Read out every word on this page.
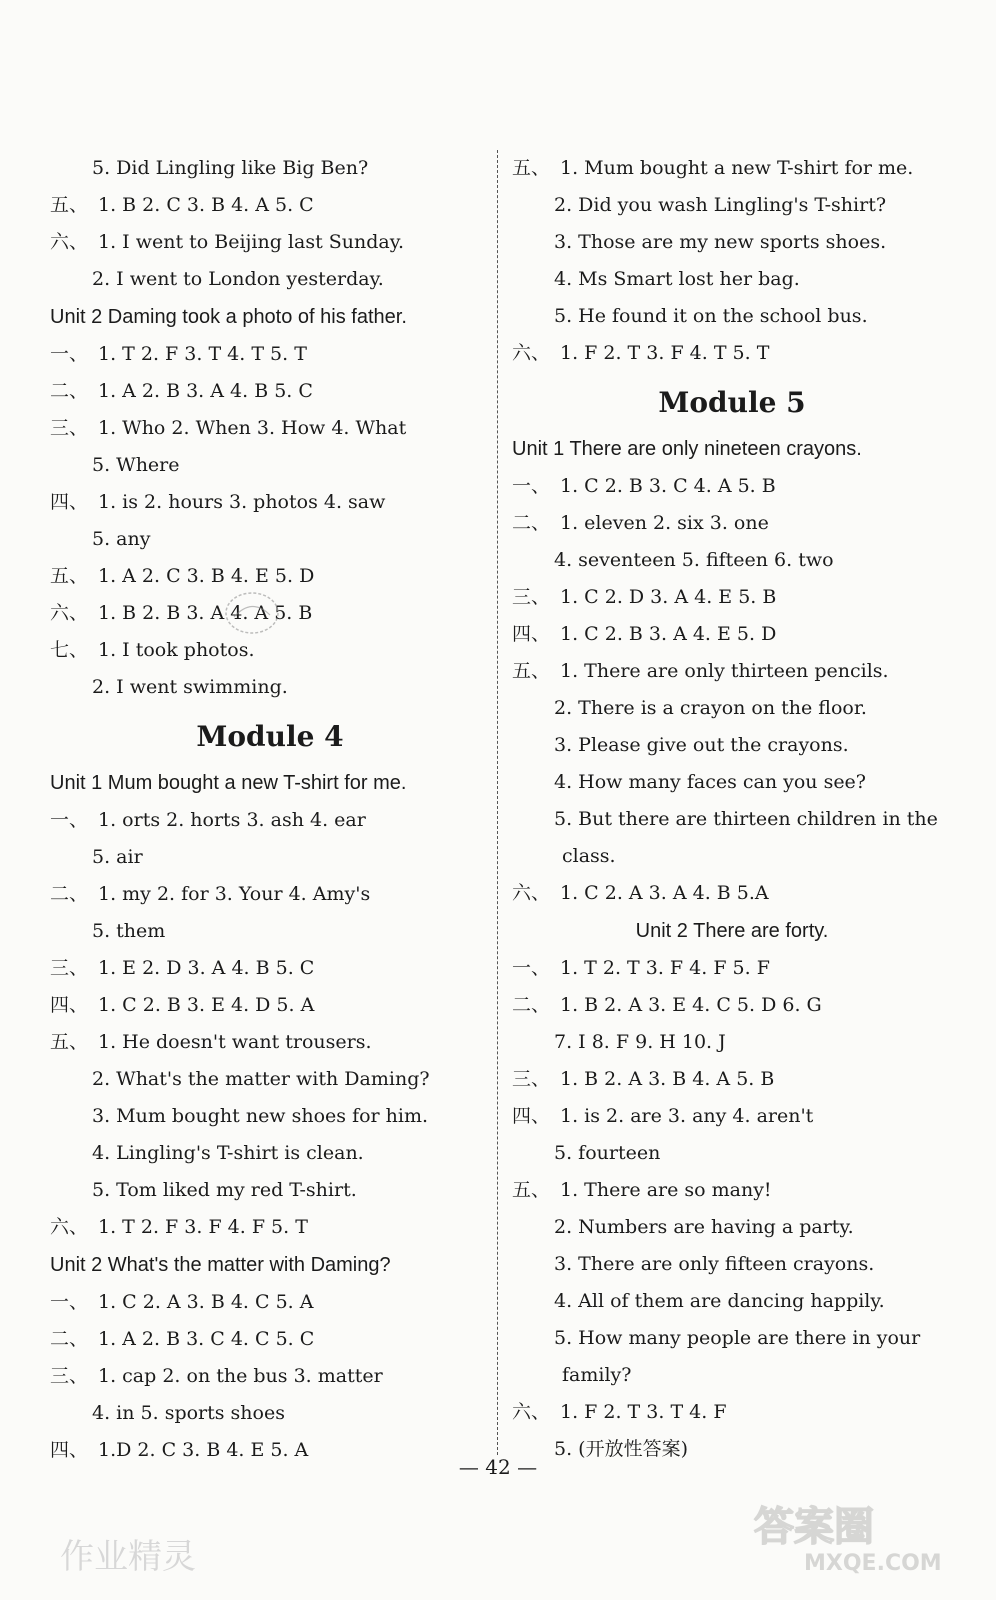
5. Did Lingling like Big Ben?
五、 1. B 2. C 3. B 4. A 5. C
六、 1. I went to Beijing last Sunday.
2. I went to London yesterday.
Unit 2 Daming took a photo of his father.
一、 1. T 2. F 3. T 4. T 5. T
二、 1. A 2. B 3. A 4. B 5. C
三、 1. Who 2. When 3. How 4. What
5. Where
四、 1. is 2. hours 3. photos 4. saw
5. any
五、 1. A 2. C 3. B 4. E 5. D
六、 1. B 2. B 3. A 4. A 5. B
七、 1. I took photos.
2. I went swimming.
Module 4
Unit 1 Mum bought a new T-shirt for me.
一、 1. orts 2. horts 3. ash 4. ear
5. air
二、 1. my 2. for 3. Your 4. Amy's
5. them
三、 1. E 2. D 3. A 4. B 5. C
四、 1. C 2. B 3. E 4. D 5. A
五、 1. He doesn't want trousers.
2. What's the matter with Daming?
3. Mum bought new shoes for him.
4. Lingling's T-shirt is clean.
5. Tom liked my red T-shirt.
六、 1. T 2. F 3. F 4. F 5. T
Unit 2 What's the matter with Daming?
一、 1. C 2. A 3. B 4. C 5. A
二、 1. A 2. B 3. C 4. C 5. C
三、 1. cap 2. on the bus 3. matter
4. in 5. sports shoes
四、 1.D 2. C 3. B 4. E 5. A
五、 1. Mum bought a new T-shirt for me.
2. Did you wash Lingling's T-shirt?
3. Those are my new sports shoes.
4. Ms Smart lost her bag.
5. He found it on the school bus.
六、 1. F 2. T 3. F 4. T 5. T
Module 5
Unit 1 There are only nineteen crayons.
一、 1. C 2. B 3. C 4. A 5. B
二、 1. eleven 2. six 3. one
4. seventeen 5. fifteen 6. two
三、 1. C 2. D 3. A 4. E 5. B
四、 1. C 2. B 3. A 4. E 5. D
五、 1. There are only thirteen pencils.
2. There is a crayon on the floor.
3. Please give out the crayons.
4. How many faces can you see?
5. But there are thirteen children in the
class.
六、 1. C 2. A 3. A 4. B 5.A
Unit 2 There are forty.
一、 1. T 2. T 3. F 4. F 5. F
二、 1. B 2. A 3. E 4. C 5. D 6. G
7. I 8. F 9. H 10. J
三、 1. B 2. A 3. B 4. A 5. B
四、 1. is 2. are 3. any 4. aren't
5. fourteen
五、 1. There are so many!
2. Numbers are having a party.
3. There are only fifteen crayons.
4. All of them are dancing happily.
5. How many people are there in your
family?
六、 1. F 2. T 3. T 4. F
5. (开放性答案)
— 42 —
作业精灵
答案圈
MXQE.COM
